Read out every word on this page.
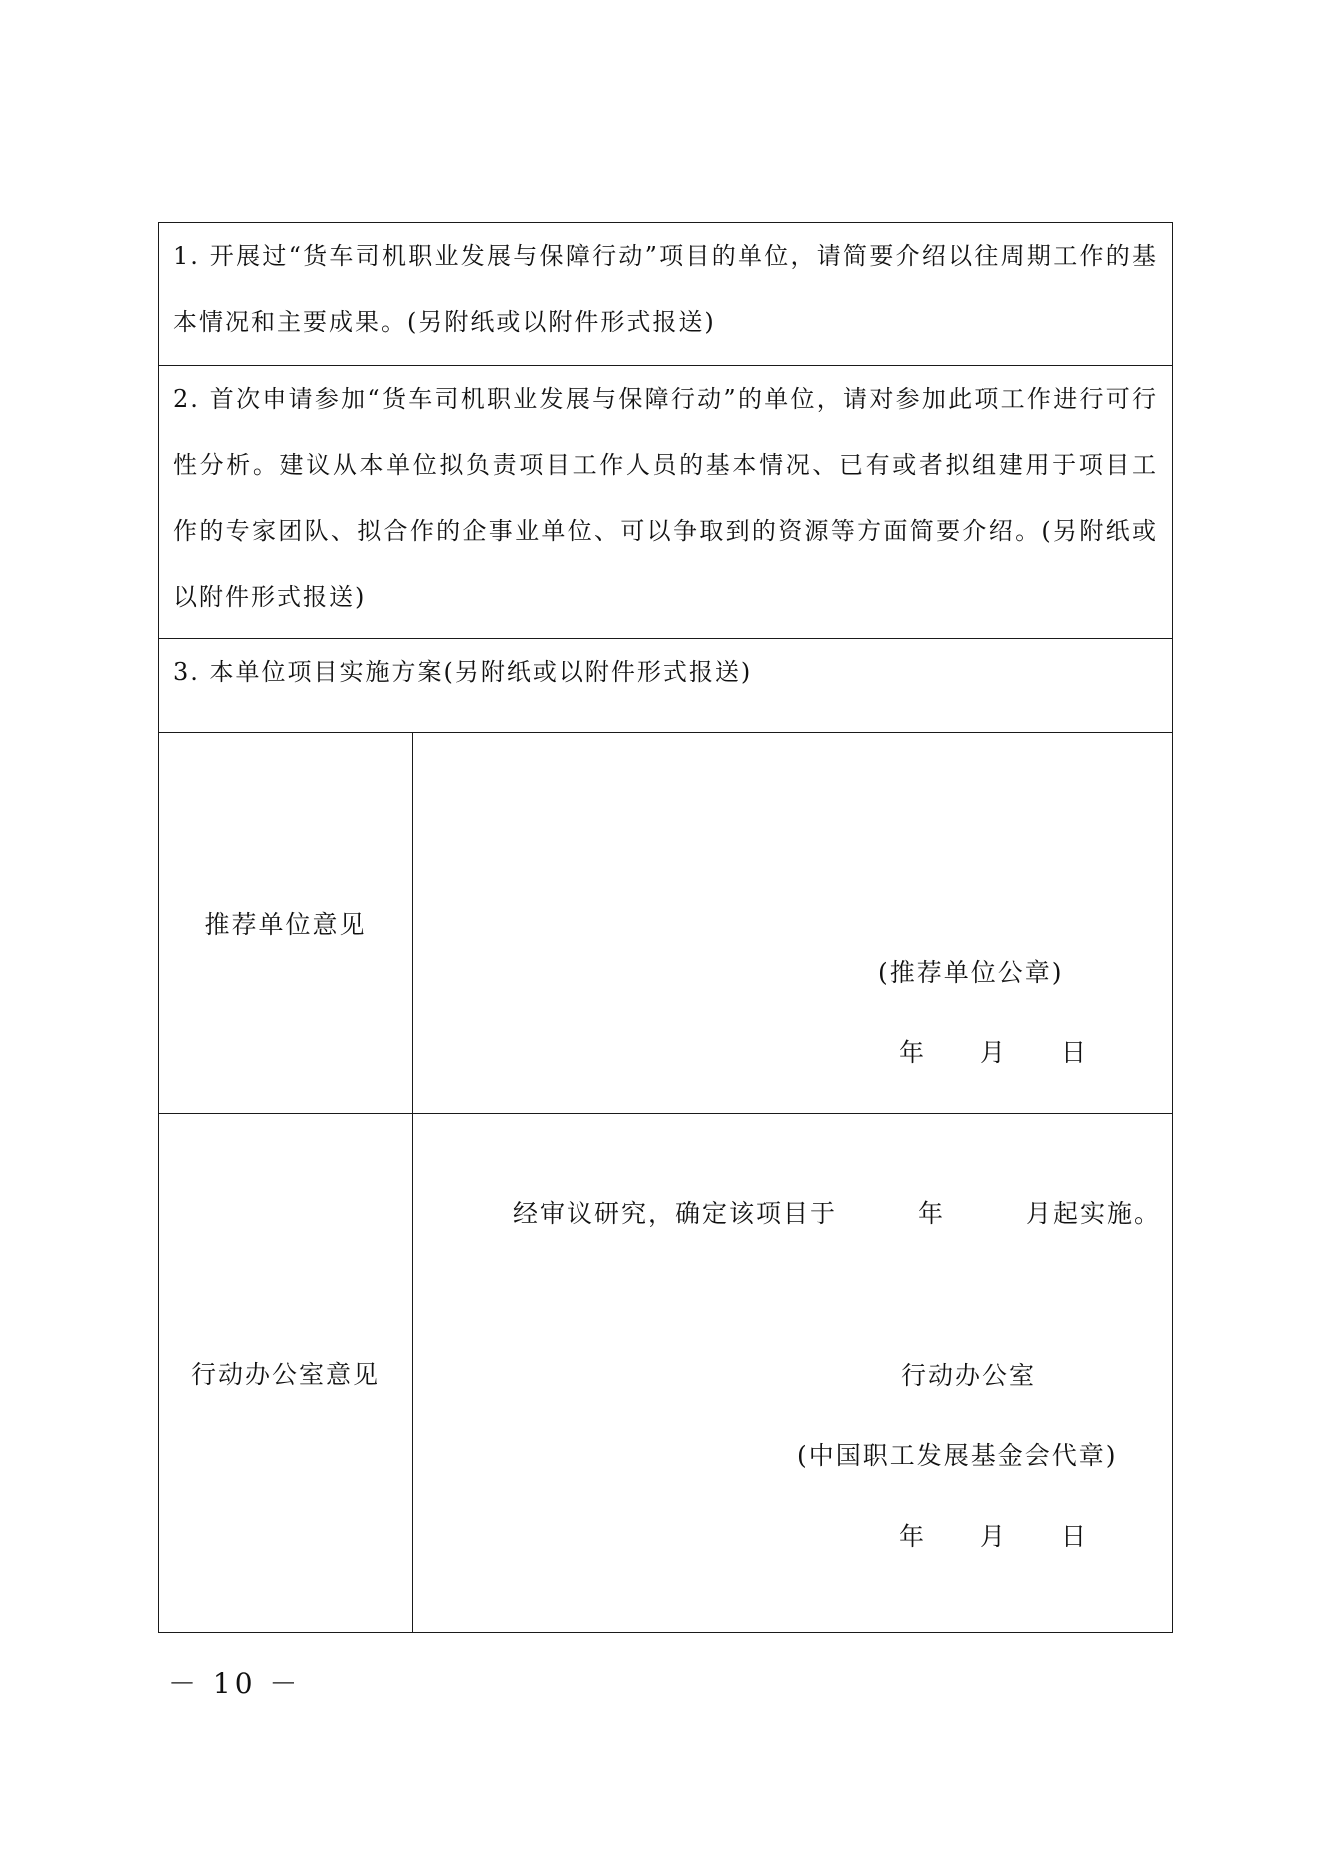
1. 开展过“货车司机职业发展与保障行动”项目的单位，请简要介绍以往周期工作的基本情况和主要成果。(另附纸或以附件形式报送)	

2. 首次申请参加“货车司机职业发展与保障行动”的单位，请对参加此项工作进行可行性分析。建议从本单位拟负责项目工作人员的基本情况、已有或者拟组建用于项目工作的专家团队、拟合作的企事业单位、可以争取到的资源等方面简要介绍。(另附纸或以附件形式报送)	

3. 本单位项目实施方案(另附纸或以附件形式报送)	

推荐单位意见	(推荐单位公章)
年　　月　　日

行动办公室意见	经审议研究，确定该项目于　　　年　　　月起实施。
行动办公室
(中国职工发展基金会代章)
年　　月　　日
－ 10 －
